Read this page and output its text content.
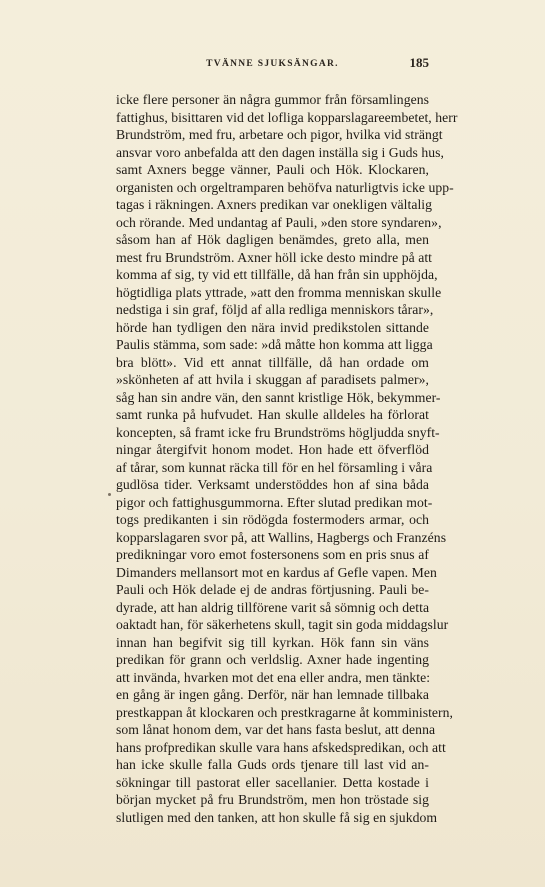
TVÄNNE SJUKSÄNGAR.	185
icke flere personer än några gummor från församlingens
fattighus, bisittaren vid det lofliga kopparslagareembetet, herr
Brundström, med fru, arbetare och pigor, hvilka vid strängt
ansvar voro anbefalda att den dagen inställa sig i Guds hus,
samt Axners begge vänner, Pauli och Hök. Klockaren,
organisten och orgeltramparen behöfva naturligtvis icke upp-
tagas i räkningen. Axners predikan var onekligen vältalig
och rörande. Med undantag af Pauli, »den store syndaren»,
såsom han af Hök dagligen benämdes, greto alla, men
mest fru Brundström. Axner höll icke desto mindre på att
komma af sig, ty vid ett tillfälle, då han från sin upphöjda,
högtidliga plats yttrade, »att den fromma menniskan skulle
nedstiga i sin graf, följd af alla redliga menniskors tårar»,
hörde han tydligen den nära invid predikstolen sittande
Paulis stämma, som sade: »då måtte hon komma att ligga
bra blött». Vid ett annat tillfälle, då han ordade om
»skönheten af att hvila i skuggan af paradisets palmer»,
såg han sin andre vän, den sannt kristlige Hök, bekymmer-
samt runka på hufvudet. Han skulle alldeles ha förlorat
koncepten, så framt icke fru Brundströms högljudda snyft-
ningar återgifvit honom modet. Hon hade ett öfverflöd
af tårar, som kunnat räcka till för en hel församling i våra
gudlösa tider. Verksamt understöddes hon af sina båda
pigor och fattighusgummorna. Efter slutad predikan mot-
togs predikanten i sin rödögda fostermoders armar, och
kopparslagaren svor på, att Wallins, Hagbergs och Franzéns
predikningar voro emot fostersonens som en pris snus af
Dimanders mellansort mot en kardus af Gefle vapen. Men
Pauli och Hök delade ej de andras förtjusning. Pauli be-
dyrade, att han aldrig tillförene varit så sömnig och detta
oaktadt han, för säkerhetens skull, tagit sin goda middagslur
innan han begifvit sig till kyrkan. Hök fann sin väns
predikan för grann och verldslig. Axner hade ingenting
att invända, hvarken mot det ena eller andra, men tänkte:
en gång är ingen gång. Derför, när han lemnade tillbaka
prestkappan åt klockaren och prestkragarne åt komministern,
som lånat honom dem, var det hans fasta beslut, att denna
hans profpredikan skulle vara hans afskedspredikan, och att
han icke skulle falla Guds ords tjenare till last vid an-
sökningar till pastorat eller sacellanier. Detta kostade i
början mycket på fru Brundström, men hon tröstade sig
slutligen med den tanken, att hon skulle få sig en sjukdom
